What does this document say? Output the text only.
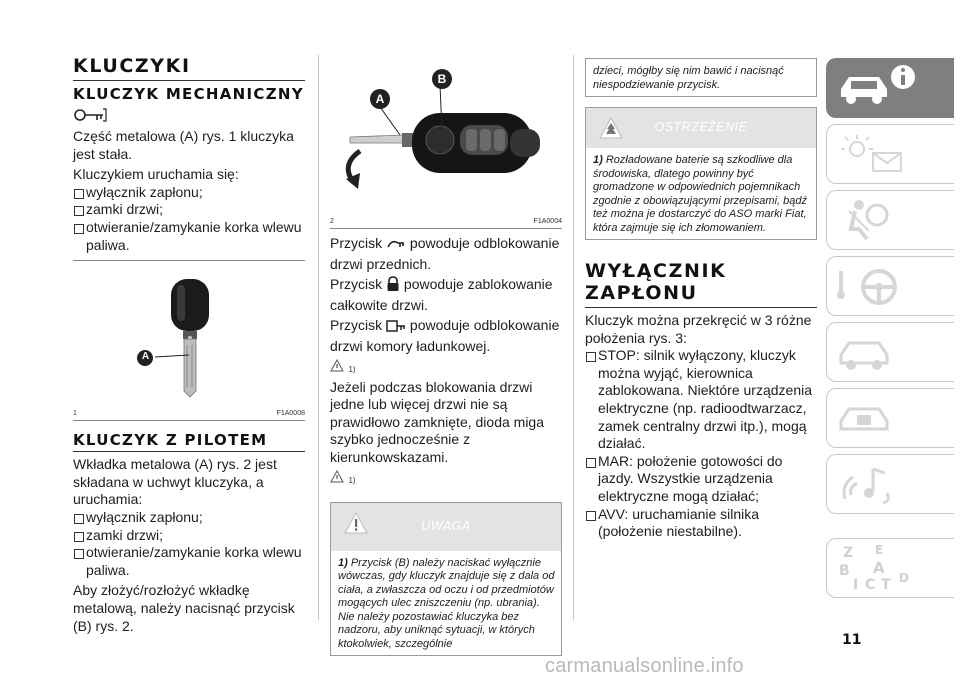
KLUCZYKI
KLUCZYK MECHANICZNY

Część metalowa (A) rys. 1 kluczyka jest stała.

Kluczykiem uruchamia się:

wyłącznik zapłonu;
zamki drzwi;
otwieranie/zamykanie korka wlewu paliwa.
A
1	F1A0008
KLUCZYK Z PILOTEM

Wkładka metalowa (A) rys. 2 jest składana w uchwyt kluczyka, a uruchamia:

wyłącznik zapłonu;
zamki drzwi;
otwieranie/zamykanie korka wlewu paliwa.

Aby złożyć/rozłożyć wkładkę metalową, należy nacisnąć przycisk (B) rys. 2.

A
B
2	F1A0004

Przycisk powoduje odblokowanie drzwi przednich.

Przycisk powoduje zablokowanie całkowite drzwi.

Przycisk powoduje odblokowanie drzwi komory ładunkowej.

1)

Jeżeli podczas blokowania drzwi jedne lub więcej drzwi nie są prawidłowo zamknięte, dioda miga szybko jednocześnie z kierunkowskazami.

1)
UWAGA
1) Przycisk (B) należy naciskać wyłącznie wówczas, gdy kluczyk znajduje się z dala od ciała, a zwłaszcza od oczu i od przedmiotów mogących ulec zniszczeniu (np. ubrania). Nie należy pozostawiać kluczyka bez nadzoru, aby uniknąć sytuacji, w których ktokolwiek, szczególnie
dzieci, mógłby się nim bawić i nacisnąć niespodziewanie przycisk.
OSTRZEŻENIE
1) Rozładowane baterie są szkodliwe dla środowiska, dlatego powinny być gromadzone w odpowiednich pojemnikach zgodnie z obowiązującymi przepisami, bądź też można je dostarczyć do ASO marki Fiat, która zajmuje się ich złomowaniem.
WYŁĄCZNIK
ZAPŁONU

Kluczyk można przekręcić w 3 różne położenia rys. 3:

STOP: silnik wyłączony, kluczyk można wyjąć, kierownica zablokowana. Niektóre urządzenia elektryczne (np. radioodtwarzacz, zamek centralny drzwi itp.), mogą działać.
MAR: położenie gotowości do jazdy. Wszystkie urządzenia elektryczne mogą działać;
AVV: uruchamianie silnika (położenie niestabilne).
Z E
B A
I C T D
11
carmanualsonline.info
